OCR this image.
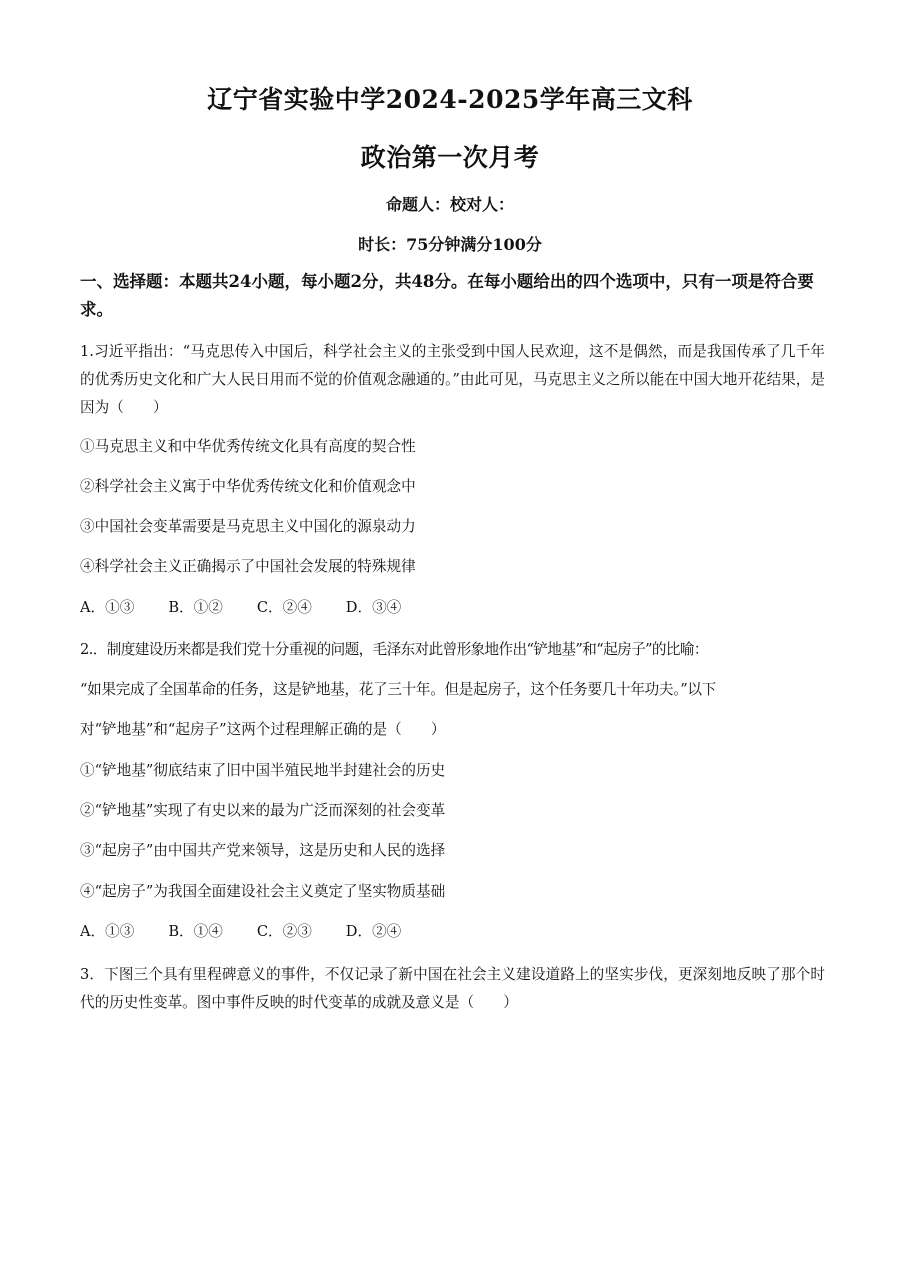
辽宁省实验中学2024-2025学年高三文科
政治第一次月考
命题人：校对人：
时长：75分钟满分100分
一、选择题：本题共24小题，每小题2分，共48分。在每小题给出的四个选项中，只有一项是符合要求。
1.习近平指出：“马克思传入中国后，科学社会主义的主张受到中国人民欢迎，这不是偶然，而是我国传承了几千年的优秀历史文化和广大人民日用而不觉的价值观念融通的。”由此可见，马克思主义之所以能在中国大地开花结果，是因为（　　）
①马克思主义和中华优秀传统文化具有高度的契合性
②科学社会主义寓于中华优秀传统文化和价值观念中
③中国社会变革需要是马克思主义中国化的源泉动力
④科学社会主义正确揭示了中国社会发展的特殊规律
A．①③ B．①② C．②④ D．③④
2.．制度建设历来都是我们党十分重视的问题，毛泽东对此曾形象地作出“铲地基”和“起房子”的比喻：
“如果完成了全国革命的任务，这是铲地基，花了三十年。但是起房子，这个任务要几十年功夫。”以下
对“铲地基”和“起房子”这两个过程理解正确的是（　　）
①“铲地基”彻底结束了旧中国半殖民地半封建社会的历史
②“铲地基”实现了有史以来的最为广泛而深刻的社会变革
③“起房子”由中国共产党来领导，这是历史和人民的选择
④“起房子”为我国全面建设社会主义奠定了坚实物质基础
A．①③ B．①④ C．②③ D．②④
3．下图三个具有里程碑意义的事件，不仅记录了新中国在社会主义建设道路上的坚实步伐，更深刻地反映了那个时代的历史性变革。图中事件反映的时代变革的成就及意义是（　　）
